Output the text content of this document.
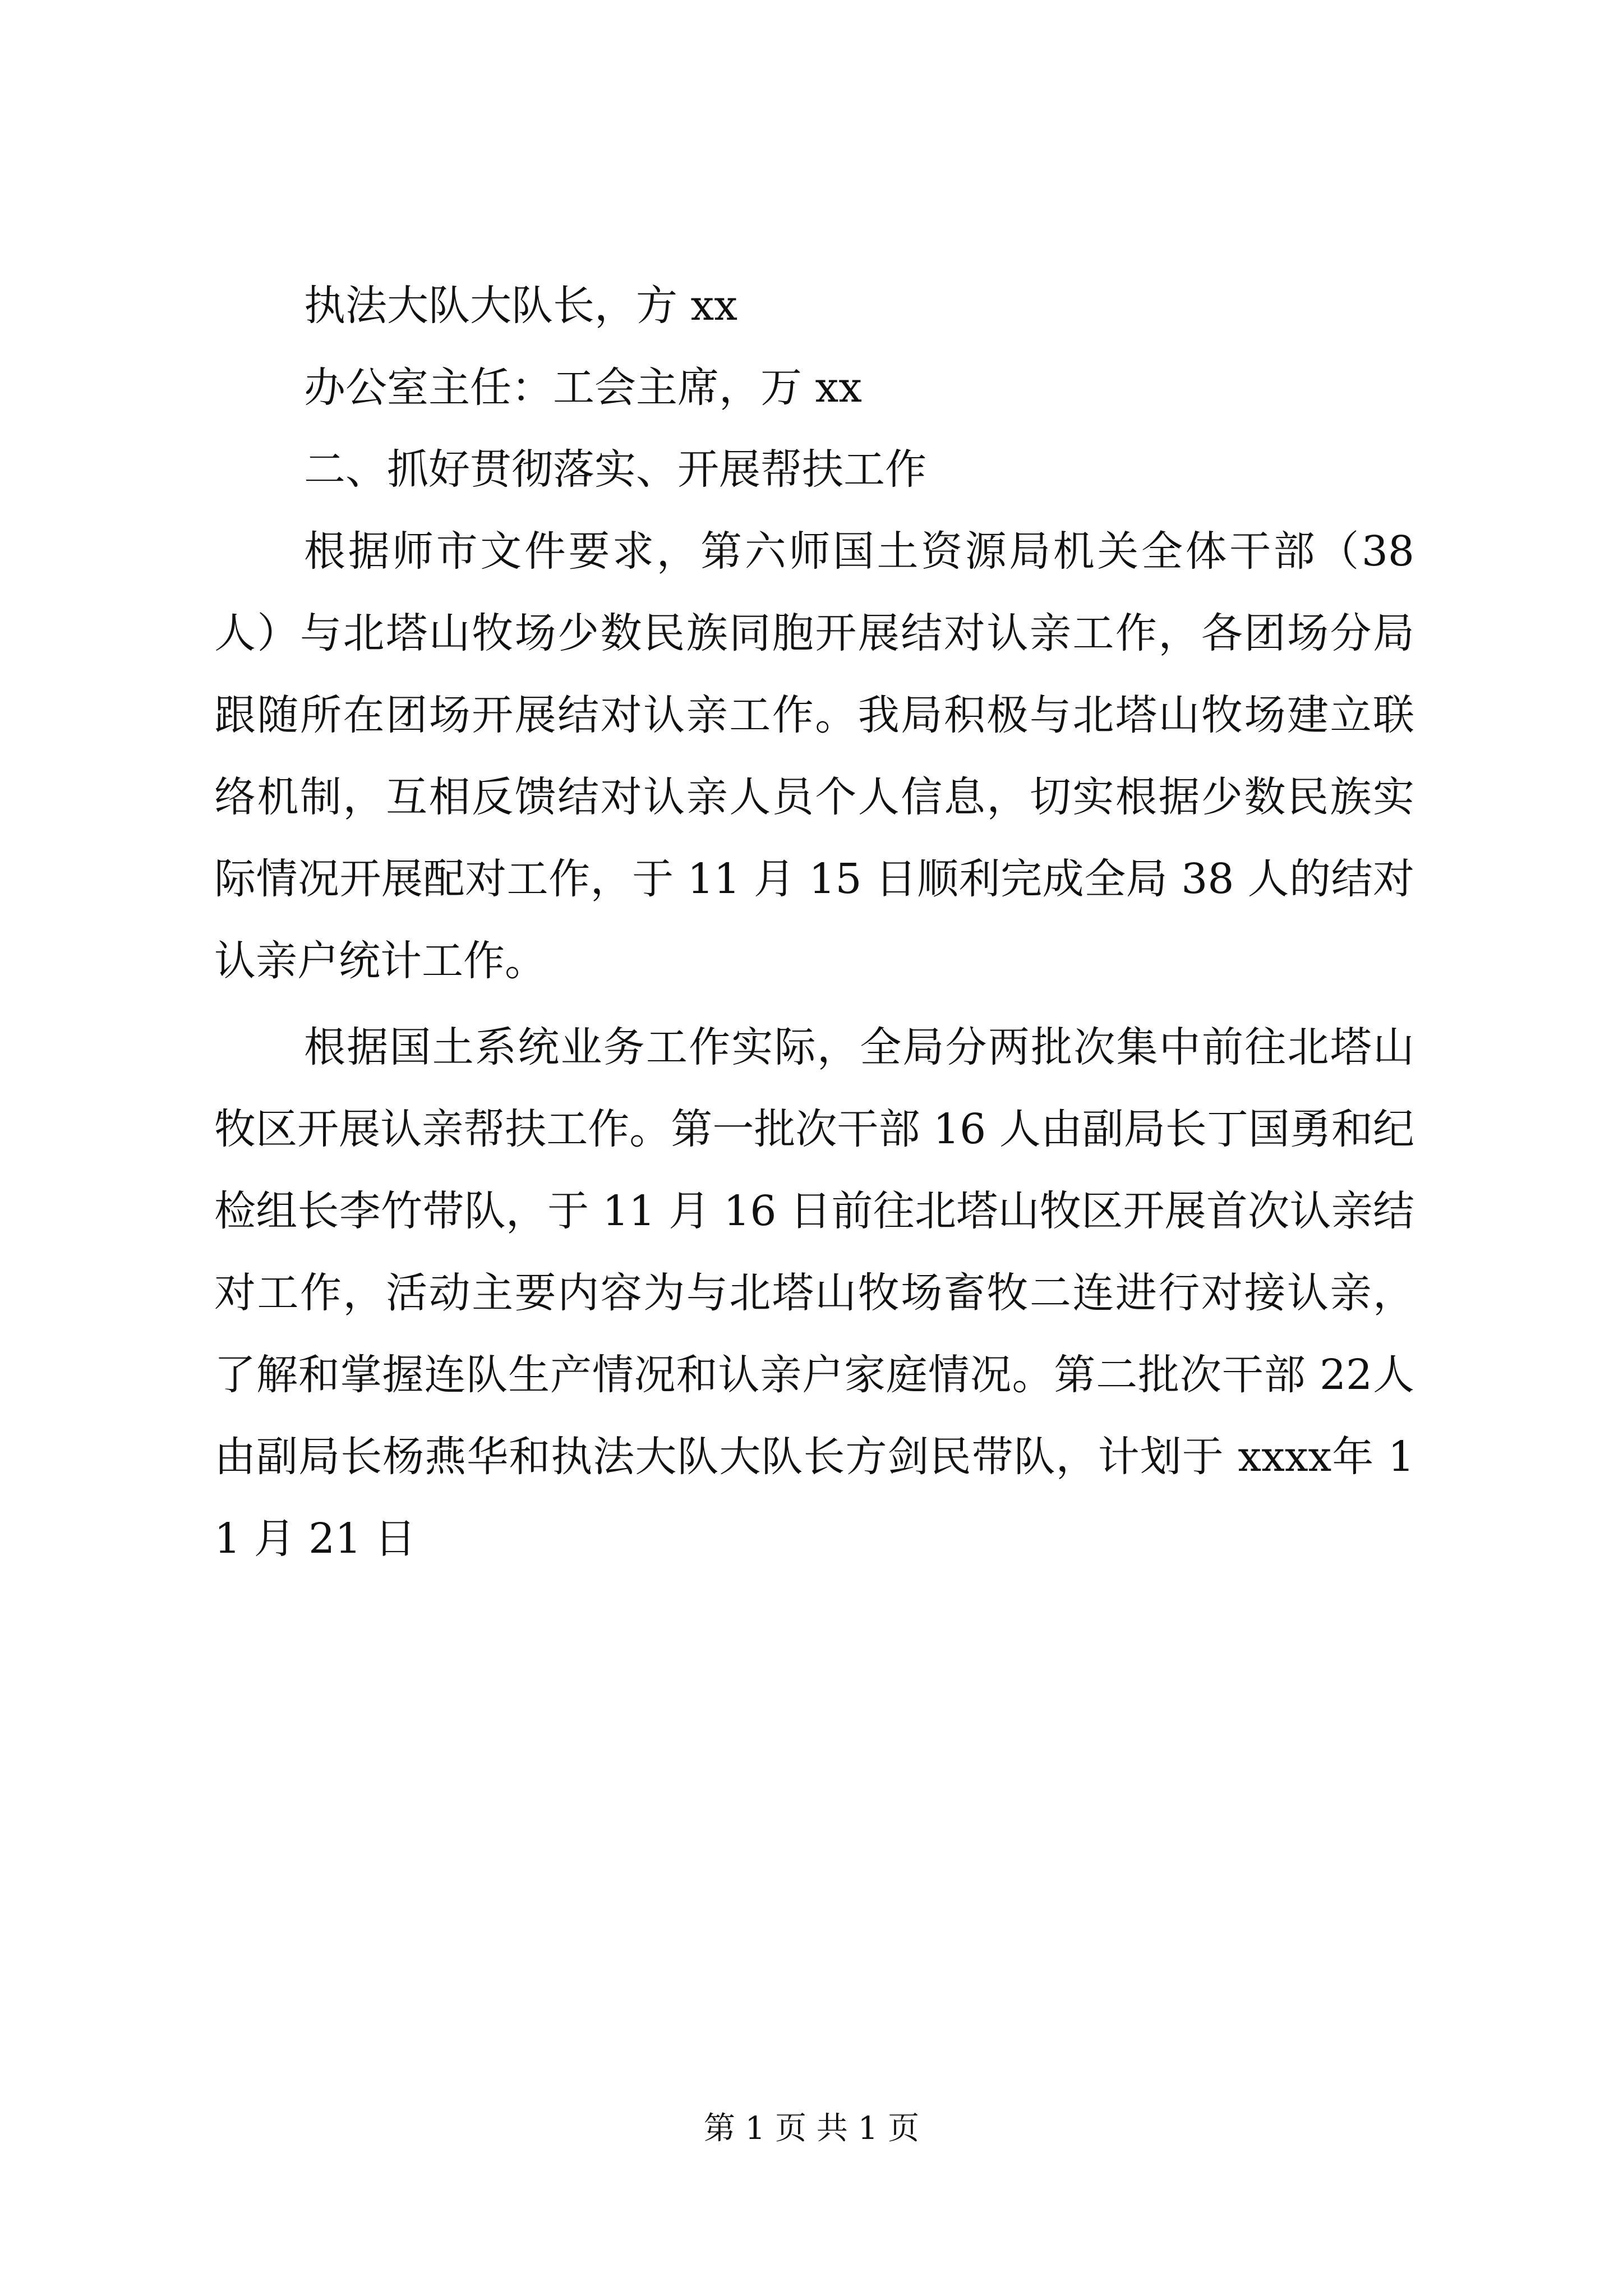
执法大队大队长，方 xx

办公室主任：工会主席，万 xx

二、抓好贯彻落实、开展帮扶工作

根据师市文件要求，第六师国土资源局机关全体干部（38人）与北塔山牧场少数民族同胞开展结对认亲工作，各团场分局跟随所在团场开展结对认亲工作。我局积极与北塔山牧场建立联络机制，互相反馈结对认亲人员个人信息，切实根据少数民族实际情况开展配对工作，于 11 月 15 日顺利完成全局 38 人的结对认亲户统计工作。

根据国土系统业务工作实际，全局分两批次集中前往北塔山牧区开展认亲帮扶工作。第一批次干部 16 人由副局长丁国勇和纪检组长李竹带队，于 11 月 16 日前往北塔山牧区开展首次认亲结对工作，活动主要内容为与北塔山牧场畜牧二连进行对接认亲，了解和掌握连队生产情况和认亲户家庭情况。第二批次干部 22人由副局长杨燕华和执法大队大队长方剑民带队，计划于 xxxx年 11 月 21 日

第 1 页 共 1 页
